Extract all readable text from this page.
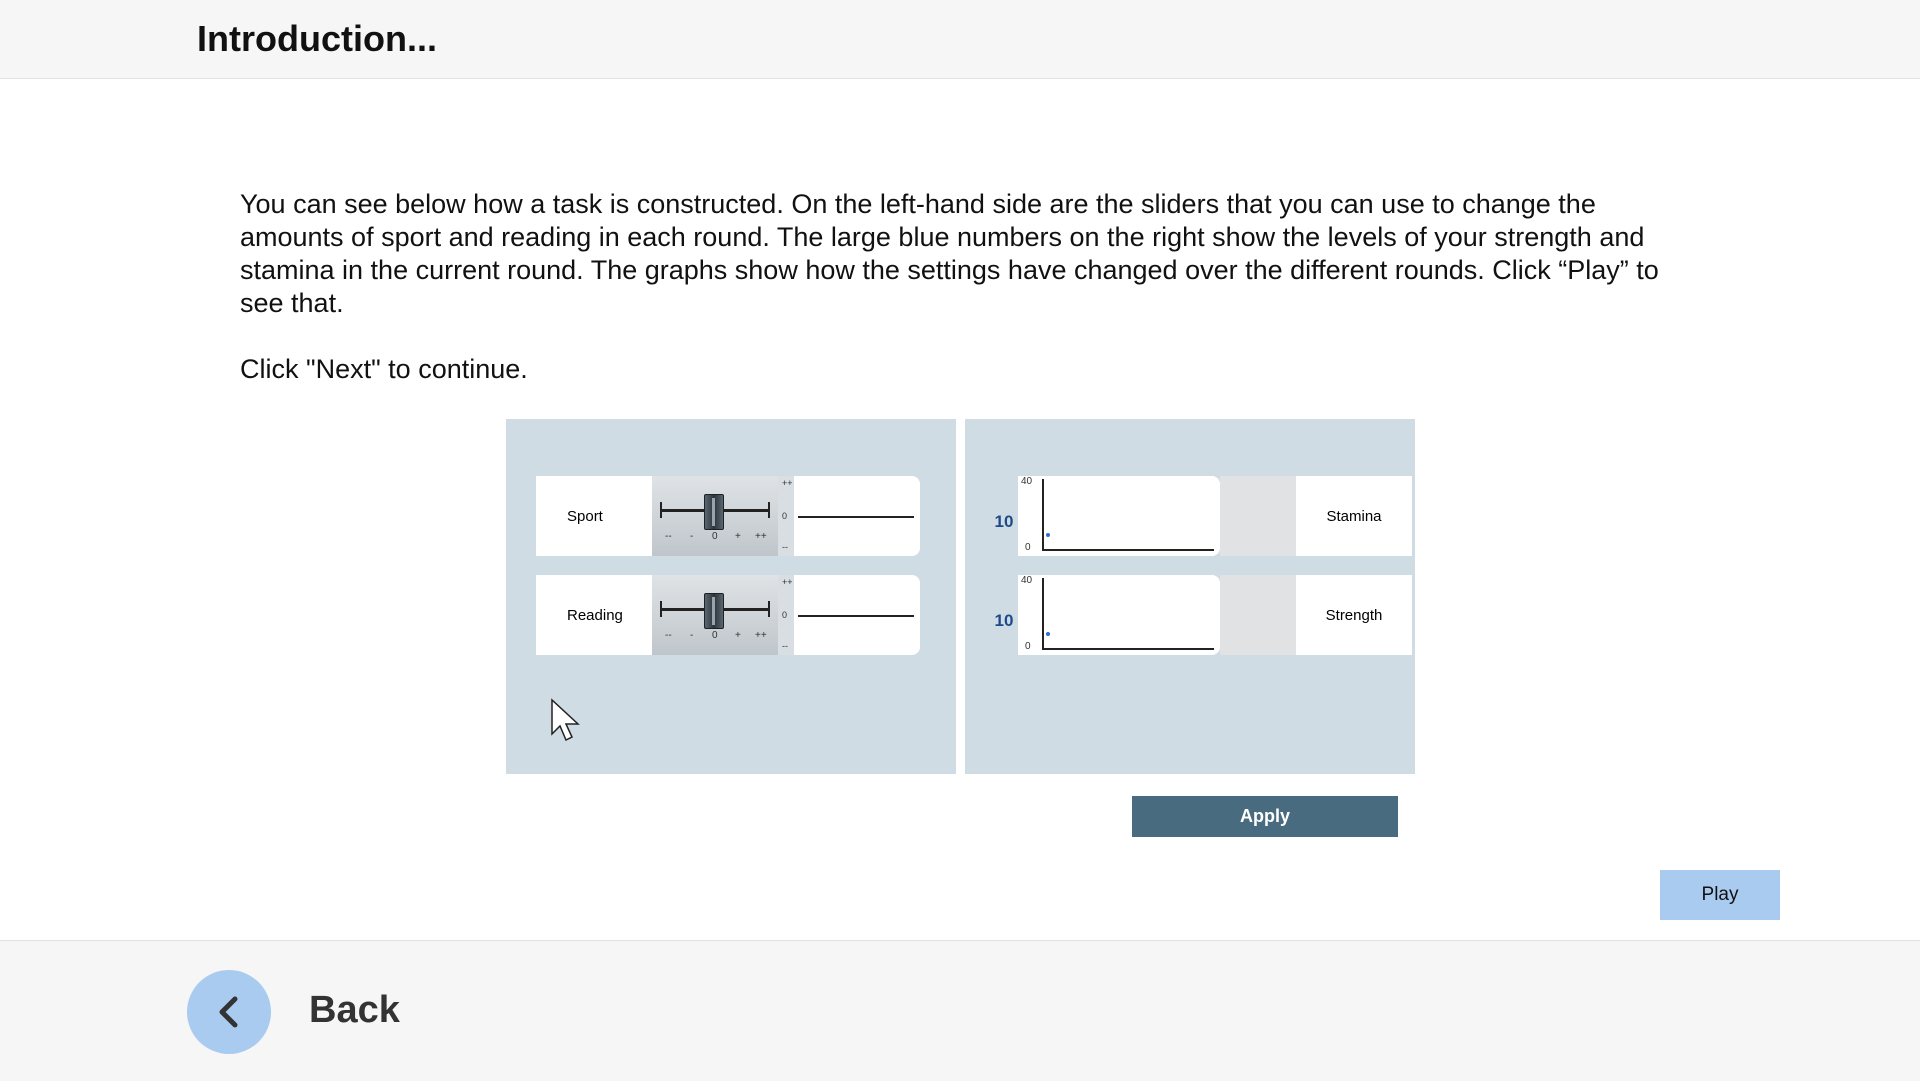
Introduction...

You can see below how a task is constructed. On the left-hand side are the sliders that you can use to change the amounts of sport and reading in each round. The large blue numbers on the right show the levels of your strength and stamina in the current round. The graphs show how the settings have changed over the different rounds. Click “Play” to see that.

Click "Next" to continue.

Sport
-- - 0 + ++
++
0
--
Reading
-- - 0 + ++
++
0
--
10
40
0
Stamina
10
40
0
Strength
Apply
Play
Back
